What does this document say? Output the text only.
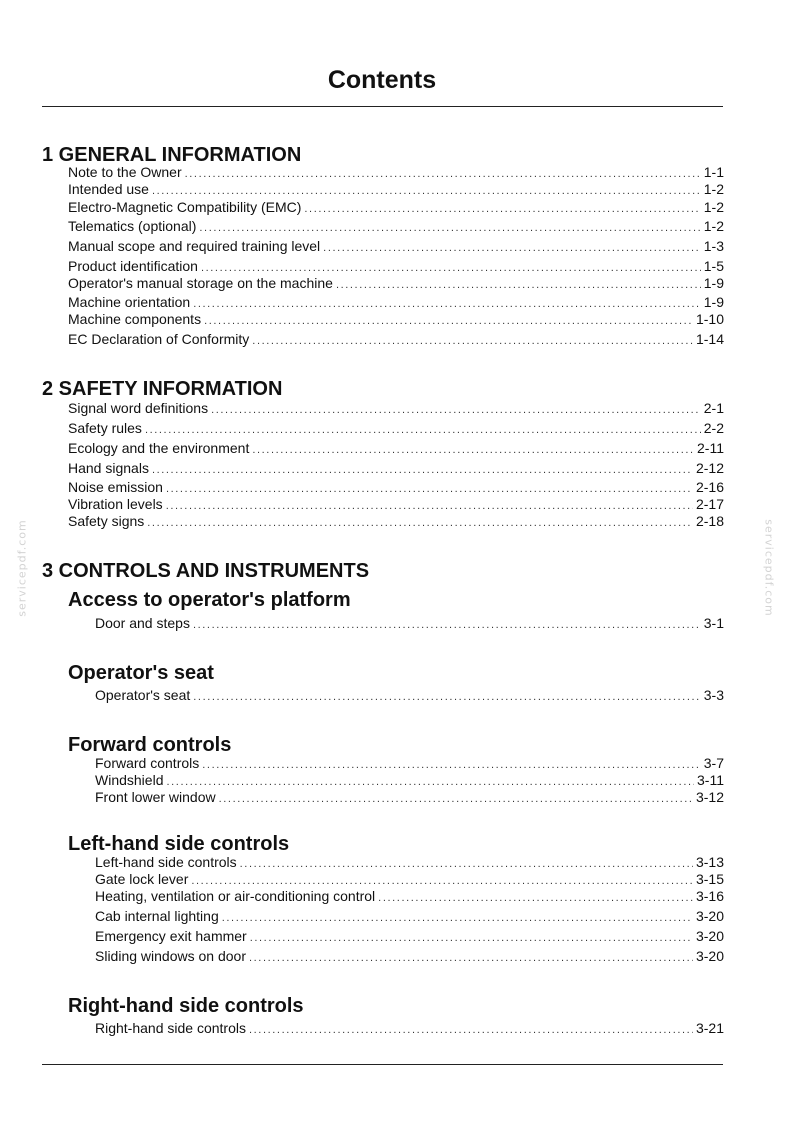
Contents
servicepdf.com	servicepdf.com
1 GENERAL INFORMATION
Note to the Owner .....	1-1
Intended use .....	1-2
Electro-Magnetic Compatibility (EMC) .....	1-2
Telematics (optional) .....	1-2
Manual scope and required training level .....	1-3
Product identification .....	1-5
Operator's manual storage on the machine .....	1-9
Machine orientation .....	1-9
Machine components .....	1-10
EC Declaration of Conformity .....	1-14
2 SAFETY INFORMATION
Signal word definitions .....	2-1
Safety rules .....	2-2
Ecology and the environment .....	2-11
Hand signals .....	2-12
Noise emission .....	2-16
Vibration levels .....	2-17
Safety signs .....	2-18
3 CONTROLS AND INSTRUMENTS
Access to operator's platform
Door and steps .....	3-1
Operator's seat
Operator's seat .....	3-3
Forward controls
Forward controls .....	3-7
Windshield .....	3-11
Front lower window .....	3-12
Left-hand side controls
Left-hand side controls .....	3-13
Gate lock lever .....	3-15
Heating, ventilation or air-conditioning control .....	3-16
Cab internal lighting .....	3-20
Emergency exit hammer .....	3-20
Sliding windows on door .....	3-20
Right-hand side controls
Right-hand side controls .....	3-21
